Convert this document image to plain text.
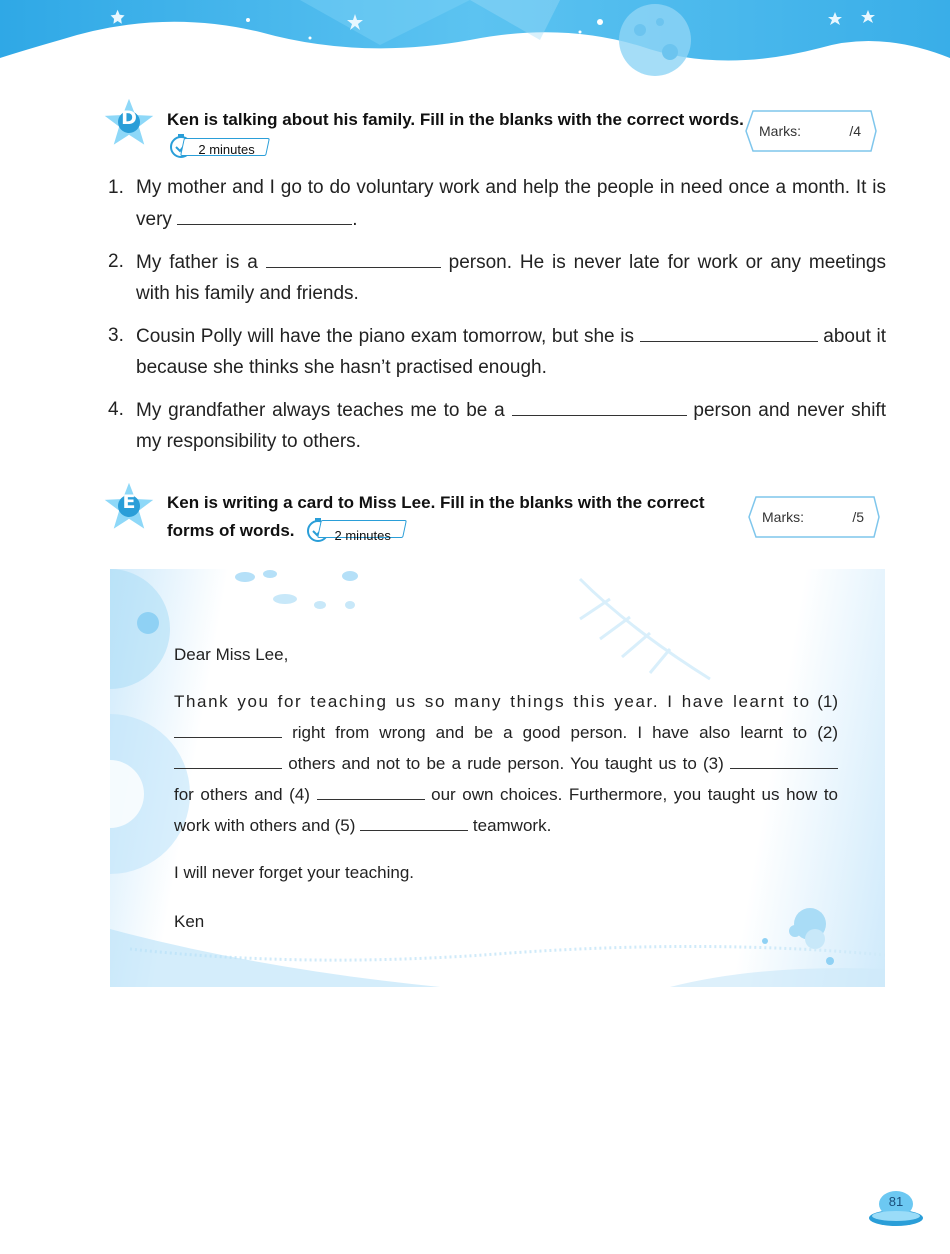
D	Ken is talking about his family. Fill in the blanks with the correct words.
2 minutes
Marks:	/4
1. My mother and I go to do voluntary work and help the people in need once a month. It is very	.
2. My father is a	person. He is never late for work or any meetings with his family and friends.
3. Cousin Polly will have the piano exam tomorrow, but she is	about it because she thinks she hasn’t practised enough.
4. My grandfather always teaches me to be a	person and never shift my responsibility to others.
E	Ken is writing a card to Miss Lee. Fill in the blanks with the correct
forms of words.	2 minutes
Marks:	/5

Dear Miss Lee,

Thank you for teaching us so many things this year. I have learnt to (1)  right from wrong and be a good person. I have also learnt to (2)  others and not to be a rude person. You taught us to (3)  for others and (4)	our own choices. Furthermore, you taught us how to work with others and (5)	teamwork.

I will never forget your teaching.

Ken

81
